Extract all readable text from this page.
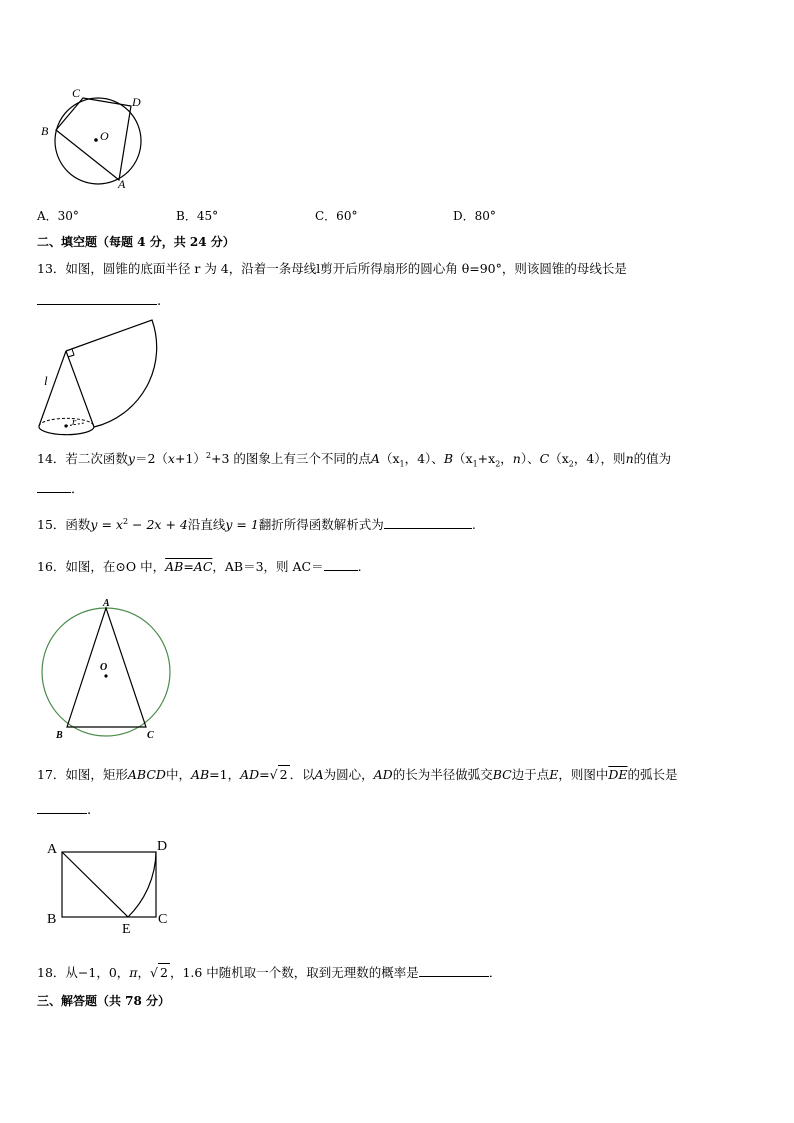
C
D
B	O
A
A．30°	B．45°	C．60°	D．80°
二、填空题（每题 4 分，共 24 分）
13．如图，圆锥的底面半径 r 为 4，沿着一条母线l剪开后所得扇形的圆心角 θ=90°，则该圆锥的母线长是
.
l
r
14．若二次函数$y=2(x+1)^2+3$ 的图象上有三个不同的点$A(x_1$，4）、$B(x_1+x_2$，n）、$C(x_2$，4），则n的值为
．
15．函数$y = x^2 - 2x + 4$沿直线y = 1翻折所得函数解析式为	.
16．如图，在⊙O 中，AB=AC，AB＝3，则 AC＝	.
A
O
B	C
17．如图，矩形ABCD中，AB=1，AD=√ 2 ．以A为圆心，AD的长为半径做弧交BC边于点E，则图中$\overline{DE}$的弧长是
.
A	D
B
E
C
18．从−1，0，π，√ 2 ，1.6 中随机取一个数，取到无理数的概率是	．
三、解答题（共 78 分）
